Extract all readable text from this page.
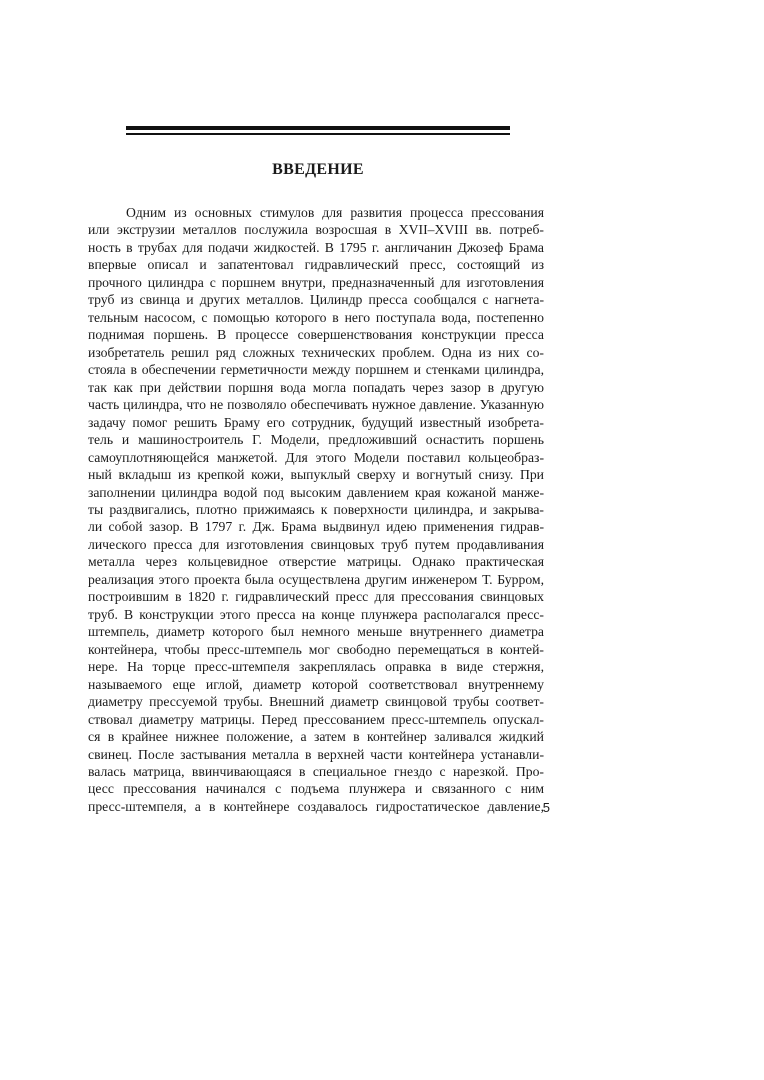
ВВЕДЕНИЕ

Одним из основных стимулов для развития процесса прессования
или экструзии металлов послужила возросшая в XVII–XVIII вв. потреб-
ность в трубах для подачи жидкостей. В 1795 г. англичанин Джозеф Брама
впервые описал и запатентовал гидравлический пресс, состоящий из
прочного цилиндра с поршнем внутри, предназначенный для изготовления
труб из свинца и других металлов. Цилиндр пресса сообщался с нагнета-
тельным насосом, с помощью которого в него поступала вода, постепенно
поднимая поршень. В процессе совершенствования конструкции пресса
изобретатель решил ряд сложных технических проблем. Одна из них со-
стояла в обеспечении герметичности между поршнем и стенками цилиндра,
так как при действии поршня вода могла попадать через зазор в другую
часть цилиндра, что не позволяло обеспечивать нужное давление. Указанную
задачу помог решить Браму его сотрудник, будущий известный изобрета-
тель и машиностроитель Г. Модели, предложивший оснастить поршень
самоуплотняющейся манжетой. Для этого Модели поставил кольцеобраз-
ный вкладыш из крепкой кожи, выпуклый сверху и вогнутый снизу. При
заполнении цилиндра водой под высоким давлением края кожаной манже-
ты раздвигались, плотно прижимаясь к поверхности цилиндра, и закрыва-
ли собой зазор. В 1797 г. Дж. Брама выдвинул идею применения гидрав-
лического пресса для изготовления свинцовых труб путем продавливания
металла через кольцевидное отверстие матрицы. Однако практическая
реализация этого проекта была осуществлена другим инженером Т. Бурром,
построившим в 1820 г. гидравлический пресс для прессования свинцовых
труб. В конструкции этого пресса на конце плунжера располагался пресс-
штемпель, диаметр которого был немного меньше внутреннего диаметра
контейнера, чтобы пресс-штемпель мог свободно перемещаться в контей-
нере. На торце пресс-штемпеля закреплялась оправка в виде стержня,
называемого еще иглой, диаметр которой соответствовал внутреннему
диаметру прессуемой трубы. Внешний диаметр свинцовой трубы соответ-
ствовал диаметру матрицы. Перед прессованием пресс-штемпель опускал-
ся в крайнее нижнее положение, а затем в контейнер заливался жидкий
свинец. После застывания металла в верхней части контейнера устанавли-
валась матрица, ввинчивающаяся в специальное гнездо с нарезкой. Про-
цесс прессования начинался с подъема плунжера и связанного с ним
пресс-штемпеля, а в контейнере создавалось гидростатическое давление,

5
